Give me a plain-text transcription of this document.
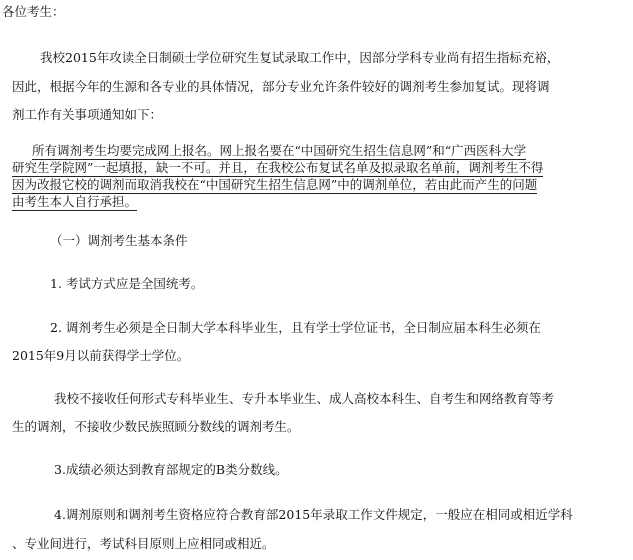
各位考生：
我校2015年攻读全日制硕士学位研究生复试录取工作中，因部分学科专业尚有招生指标充裕，
因此，根据今年的生源和各专业的具体情况，部分专业允许条件较好的调剂考生参加复试。现将调
剂工作有关事项通知如下：
所有调剂考生均要完成网上报名。网上报名要在“中国研究生招生信息网”和“广西医科大学
研究生学院网”一起填报，缺一不可。并且，在我校公布复试名单及拟录取名单前，调剂考生不得
因为改报它校的调剂而取消我校在“中国研究生招生信息网”中的调剂单位，若由此而产生的问题
由考生本人自行承担。
（一）调剂考生基本条件
1. 考试方式应是全国统考。
2. 调剂考生必须是全日制大学本科毕业生，且有学士学位证书，全日制应届本科生必须在
2015年9月以前获得学士学位。
我校不接收任何形式专科毕业生、专升本毕业生、成人高校本科生、自考生和网络教育等考
生的调剂，不接收少数民族照顾分数线的调剂考生。
3.成绩必须达到教育部规定的B类分数线。
4.调剂原则和调剂考生资格应符合教育部2015年录取工作文件规定，一般应在相同或相近学科
、专业间进行，考试科目原则上应相同或相近。
